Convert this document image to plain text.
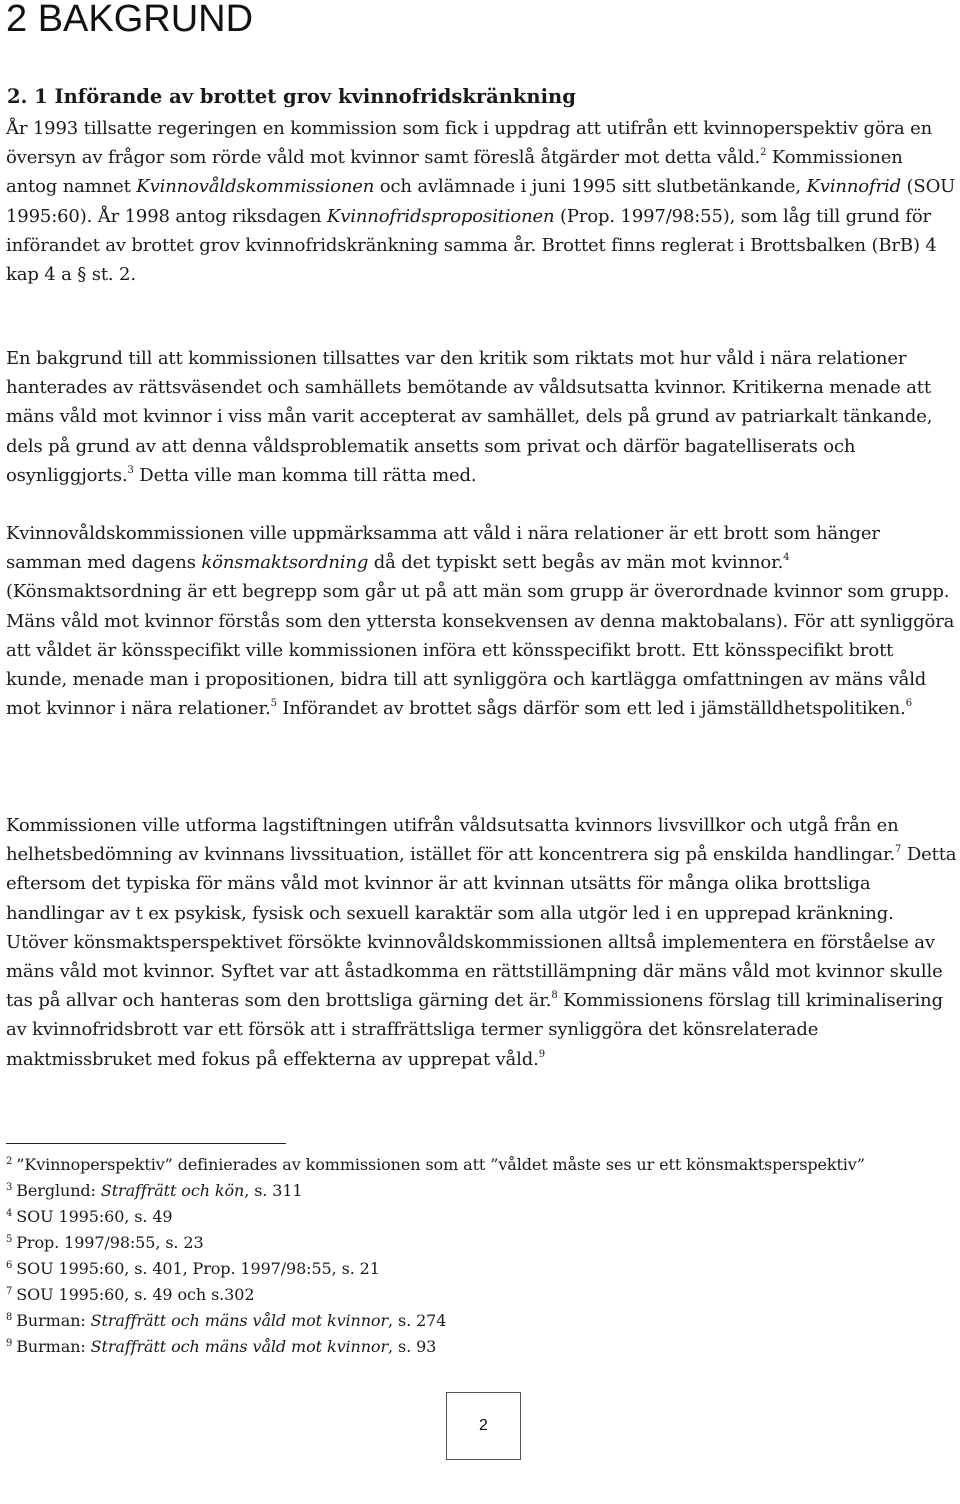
2 BAKGRUND
2. 1 Införande av brottet grov kvinnofridskränkning

År 1993 tillsatte regeringen en kommission som fick i uppdrag att utifrån ett kvinnoperspektiv göra en översyn av frågor som rörde våld mot kvinnor samt föreslå åtgärder mot detta våld.$^2$ Kommissionen antog namnet Kvinnovåldskommissionen och avlämnade i juni 1995 sitt slutbetänkande, Kvinnofrid (SOU 1995:60). År 1998 antog riksdagen Kvinnofridspropositionen (Prop. 1997/98:55), som låg till grund för införandet av brottet grov kvinnofridskränkning samma år. Brottet finns reglerat i Brottsbalken (BrB) 4 kap 4 a § st. 2.

En bakgrund till att kommissionen tillsattes var den kritik som riktats mot hur våld i nära relationer hanterades av rättsväsendet och samhällets bemötande av våldsutsatta kvinnor. Kritikerna menade att mäns våld mot kvinnor i viss mån varit accepterat av samhället, dels på grund av patriarkalt tänkande, dels på grund av att denna våldsproblematik ansetts som privat och därför bagatelliserats och osynliggjorts.$^3$ Detta ville man komma till rätta med.

Kvinnovåldskommissionen ville uppmärksamma att våld i nära relationer är ett brott som hänger samman med dagens könsmaktsordning då det typiskt sett begås av män mot kvinnor.$^4$ (Könsmaktsordning är ett begrepp som går ut på att män som grupp är överordnade kvinnor som grupp. Mäns våld mot kvinnor förstås som den yttersta konsekvensen av denna maktobalans). För att synliggöra att våldet är könsspecifikt ville kommissionen införa ett könsspecifikt brott. Ett könsspecifikt brott kunde, menade man i propositionen, bidra till att synliggöra och kartlägga omfattningen av mäns våld mot kvinnor i nära relationer.$^5$ Införandet av brottet sågs därför som ett led i jämställdhetspolitiken.$^6$

Kommissionen ville utforma lagstiftningen utifrån våldsutsatta kvinnors livsvillkor och utgå från en helhetsbedömning av kvinnans livssituation, istället för att koncentrera sig på enskilda handlingar.$^7$ Detta eftersom det typiska för mäns våld mot kvinnor är att kvinnan utsätts för många olika brottsliga handlingar av t ex psykisk, fysisk och sexuell karaktär som alla utgör led i en upprepad kränkning. Utöver könsmaktsperspektivet försökte kvinnovåldskommissionen alltså implementera en förståelse av mäns våld mot kvinnor. Syftet var att åstadkomma en rättstillämpning där mäns våld mot kvinnor skulle tas på allvar och hanteras som den brottsliga gärning det är.$^8$ Kommissionens förslag till kriminalisering av kvinnofridsbrott var ett försök att i straffrättsliga termer synliggöra det könsrelaterade maktmissbruket med fokus på effekterna av upprepat våld.$^9$

$^2$ ”Kvinnoperspektiv” definierades av kommissionen som att ”våldet måste ses ur ett könsmaktsperspektiv”
$^3$ Berglund: Straffrätt och kön, s. 311
$^4$ SOU 1995:60, s. 49
$^5$ Prop. 1997/98:55, s. 23
$^6$ SOU 1995:60, s. 401, Prop. 1997/98:55, s. 21
$^7$ SOU 1995:60, s. 49 och s.302
$^8$ Burman: Straffrätt och mäns våld mot kvinnor, s. 274
$^9$ Burman: Straffrätt och mäns våld mot kvinnor, s. 93
2
